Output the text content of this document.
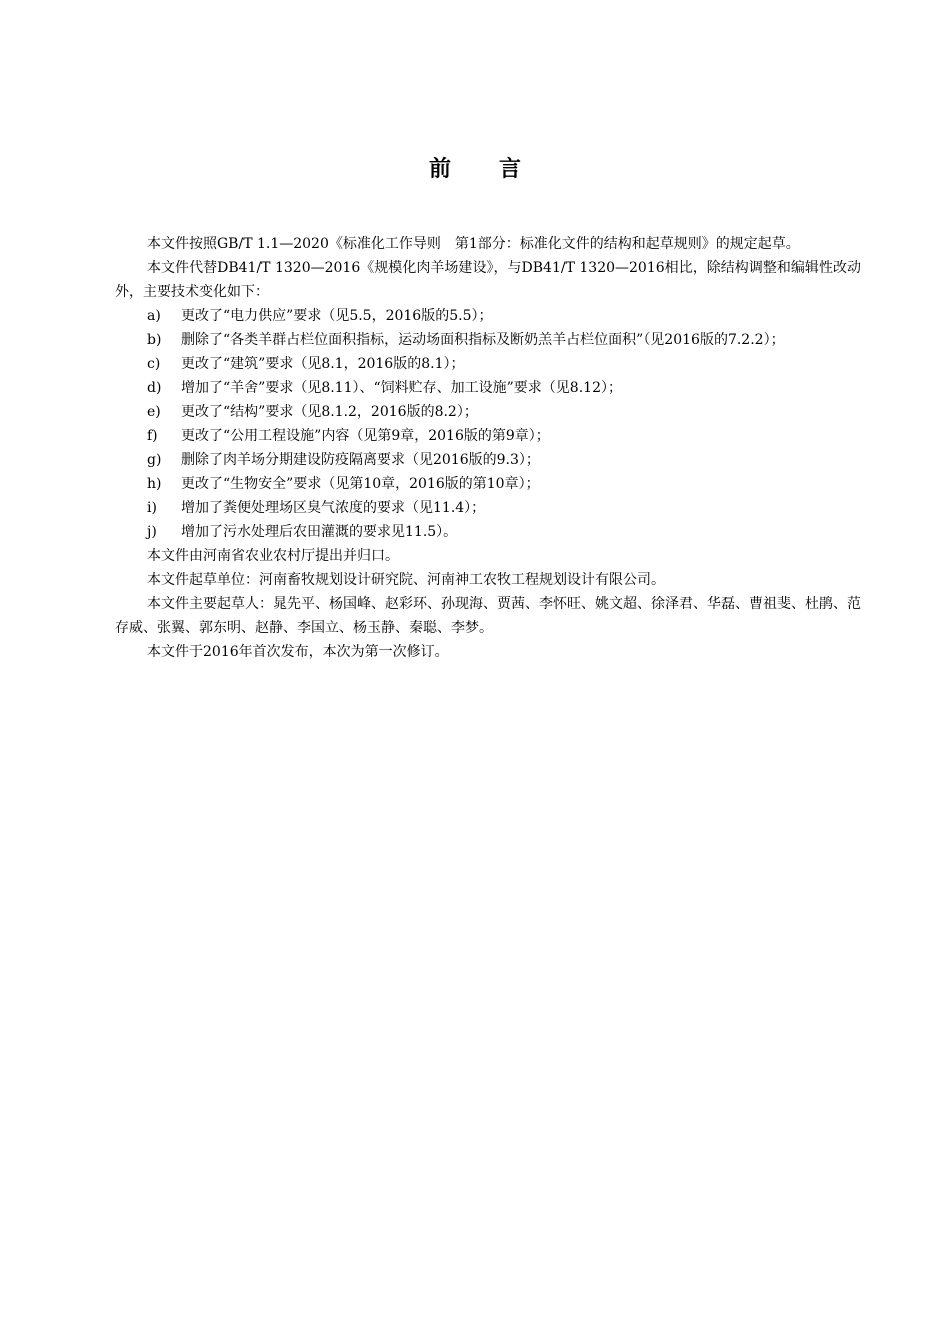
前言

本文件按照GB/T 1.1—2020《标准化工作导则　第1部分：标准化文件的结构和起草规则》的规定起草。

本文件代替DB41/T 1320—2016《规模化肉羊场建设》，与DB41/T 1320—2016相比，除结构调整和编辑性改动外，主要技术变化如下：

a) 更改了“电力供应”要求（见5.5，2016版的5.5）；
b) 删除了“各类羊群占栏位面积指标，运动场面积指标及断奶羔羊占栏位面积”（见2016版的7.2.2）；
c) 更改了“建筑”要求（见8.1，2016版的8.1）；
d) 增加了“羊舍”要求（见8.11）、“饲料贮存、加工设施”要求（见8.12）；
e) 更改了“结构”要求（见8.1.2，2016版的8.2）；
f) 更改了“公用工程设施”内容（见第9章，2016版的第9章）；
g) 删除了肉羊场分期建设防疫隔离要求（见2016版的9.3）；
h) 更改了“生物安全”要求（见第10章，2016版的第10章）；
i) 增加了粪便处理场区臭气浓度的要求（见11.4）；
j) 增加了污水处理后农田灌溉的要求见11.5）。

本文件由河南省农业农村厅提出并归口。

本文件起草单位：河南畜牧规划设计研究院、河南神工农牧工程规划设计有限公司。

本文件主要起草人：晁先平、杨国峰、赵彩环、孙现海、贾茜、李怀旺、姚文超、徐泽君、华磊、曹祖斐、杜鹃、范存威、张翼、郭东明、赵静、李国立、杨玉静、秦聪、李梦。

本文件于2016年首次发布，本次为第一次修订。
